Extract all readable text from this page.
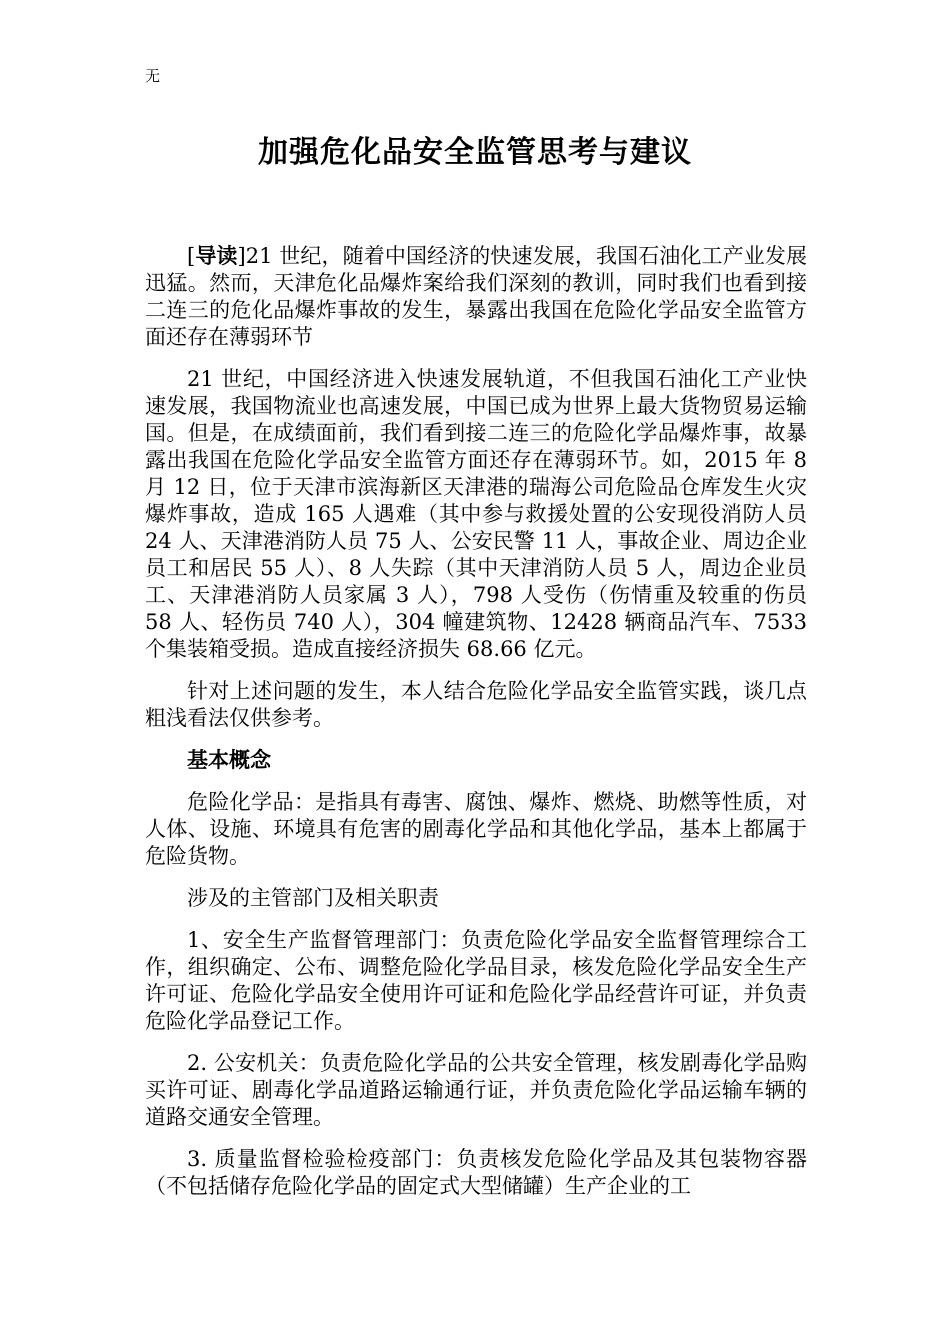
无
加强危化品安全监管思考与建议

[导读]21 世纪，随着中国经济的快速发展，我国石油化工产业发展迅猛。然而，天津危化品爆炸案给我们深刻的教训，同时我们也看到接二连三的危化品爆炸事故的发生，暴露出我国在危险化学品安全监管方面还存在薄弱环节

21 世纪，中国经济进入快速发展轨道，不但我国石油化工产业快速发展，我国物流业也高速发展，中国已成为世界上最大货物贸易运输国。但是，在成绩面前，我们看到接二连三的危险化学品爆炸事，故暴露出我国在危险化学品安全监管方面还存在薄弱环节。如，2015 年 8 月 12 日，位于天津市滨海新区天津港的瑞海公司危险品仓库发生火灾爆炸事故，造成 165 人遇难（其中参与救援处置的公安现役消防人员 24 人、天津港消防人员 75 人、公安民警 11 人，事故企业、周边企业员工和居民 55 人）、8 人失踪（其中天津消防人员 5 人，周边企业员工、天津港消防人员家属 3 人），798 人受伤（伤情重及较重的伤员 58 人、轻伤员 740 人），304 幢建筑物、12428 辆商品汽车、7533 个集装箱受损。造成直接经济损失 68.66 亿元。

针对上述问题的发生，本人结合危险化学品安全监管实践，谈几点粗浅看法仅供参考。

基本概念

危险化学品：是指具有毒害、腐蚀、爆炸、燃烧、助燃等性质，对人体、设施、环境具有危害的剧毒化学品和其他化学品，基本上都属于危险货物。

涉及的主管部门及相关职责

1、安全生产监督管理部门：负责危险化学品安全监督管理综合工作，组织确定、公布、调整危险化学品目录，核发危险化学品安全生产许可证、危险化学品安全使用许可证和危险化学品经营许可证，并负责危险化学品登记工作。

2. 公安机关：负责危险化学品的公共安全管理，核发剧毒化学品购买许可证、剧毒化学品道路运输通行证，并负责危险化学品运输车辆的道路交通安全管理。

3. 质量监督检验检疫部门：负责核发危险化学品及其包装物容器（不包括储存危险化学品的固定式大型储罐）生产企业的工
